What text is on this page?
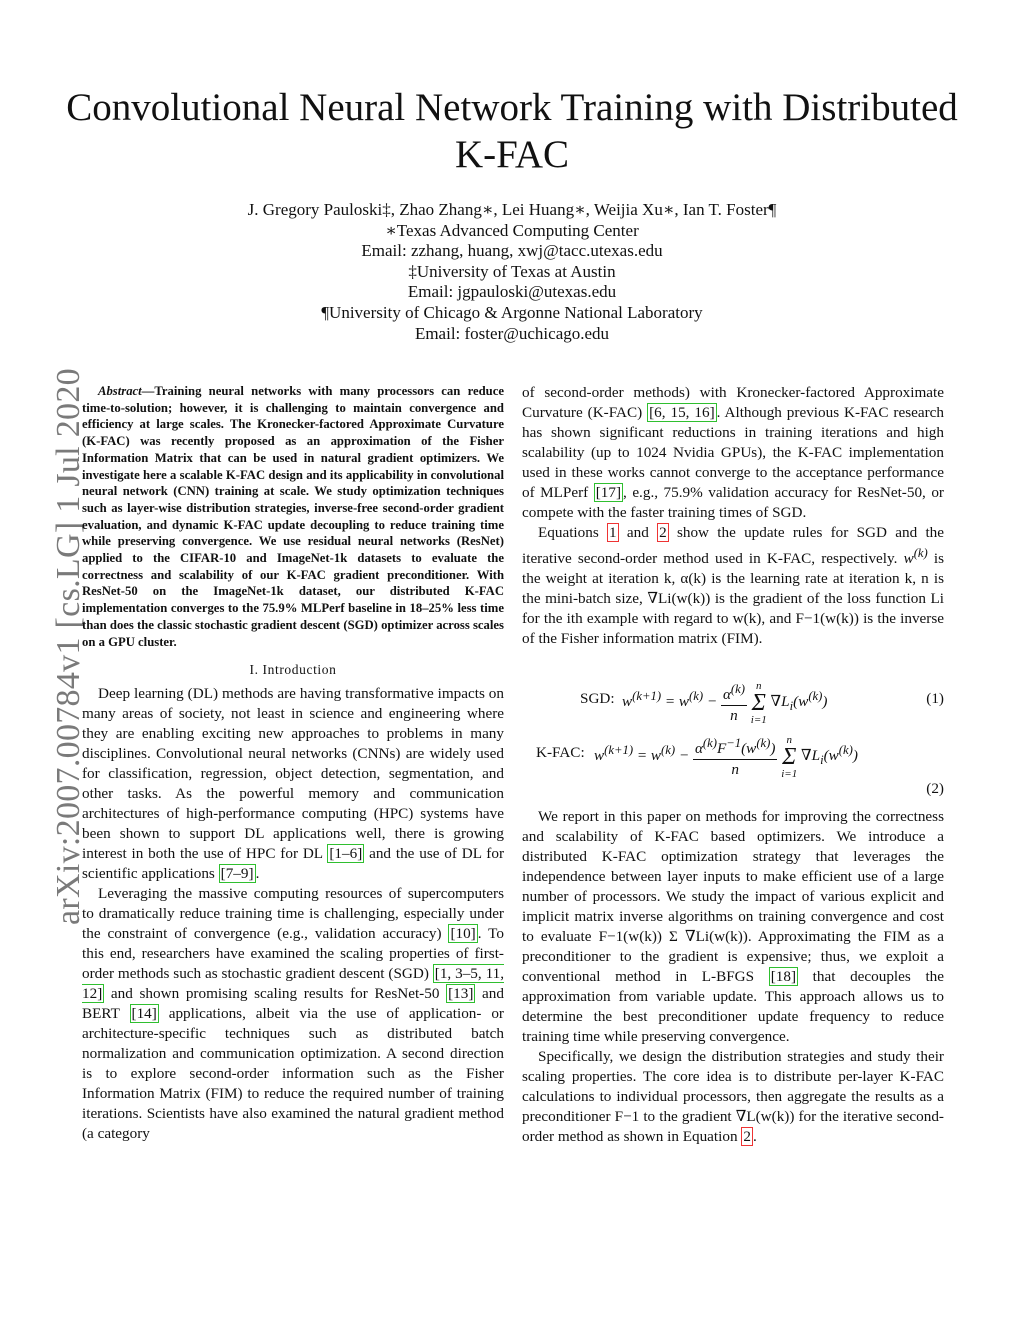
arXiv:2007.00784v1 [cs.LG] 1 Jul 2020
Convolutional Neural Network Training with Distributed K-FAC
J. Gregory Pauloski‡, Zhao Zhang∗, Lei Huang∗, Weijia Xu∗, Ian T. Foster¶
∗Texas Advanced Computing Center
Email: zzhang, huang, xwj@tacc.utexas.edu
‡University of Texas at Austin
Email: jgpauloski@utexas.edu
¶University of Chicago & Argonne National Laboratory
Email: foster@uchicago.edu

Abstract—Training neural networks with many processors can reduce time-to-solution; however, it is challenging to maintain convergence and efficiency at large scales. The Kronecker-factored Approximate Curvature (K-FAC) was recently proposed as an approximation of the Fisher Information Matrix that can be used in natural gradient optimizers. We investigate here a scalable K-FAC design and its applicability in convolutional neural network (CNN) training at scale. We study optimization techniques such as layer-wise distribution strategies, inverse-free second-order gradient evaluation, and dynamic K-FAC update decoupling to reduce training time while preserving convergence. We use residual neural networks (ResNet) applied to the CIFAR-10 and ImageNet-1k datasets to evaluate the correctness and scalability of our K-FAC gradient preconditioner. With ResNet-50 on the ImageNet-1k dataset, our distributed K-FAC implementation converges to the 75.9% MLPerf baseline in 18–25% less time than does the classic stochastic gradient descent (SGD) optimizer across scales on a GPU cluster.

I. Introduction

Deep learning (DL) methods are having transformative impacts on many areas of society, not least in science and engineering where they are enabling exciting new approaches to problems in many disciplines. Convolutional neural networks (CNNs) are widely used for classification, regression, object detection, segmentation, and other tasks. As the powerful memory and communication architectures of high-performance computing (HPC) systems have been shown to support DL applications well, there is growing interest in both the use of HPC for DL [1–6] and the use of DL for scientific applications [7–9] .

Leveraging the massive computing resources of supercomputers to dramatically reduce training time is challenging, especially under the constraint of convergence (e.g., validation accuracy) [10] . To this end, researchers have examined the scaling properties of first-order methods such as stochastic gradient descent (SGD) [1, 3–5, 11, 12] and shown promising scaling results for ResNet-50 [13] and BERT [14] applications, albeit via the use of application- or architecture-specific techniques such as distributed batch normalization and communication optimization. A second direction is to explore second-order information such as the Fisher Information Matrix (FIM) to reduce the required number of training iterations. Scientists have also examined the natural gradient method (a category

of second-order methods) with Kronecker-factored Approximate Curvature (K-FAC) [6, 15, 16] . Although previous K-FAC research has shown significant reductions in training iterations and high scalability (up to 1024 Nvidia GPUs), the K-FAC implementation used in these works cannot converge to the acceptance performance of MLPerf [17] , e.g., 75.9% validation accuracy for ResNet-50, or compete with the faster training times of SGD.

Equations 1 and 2 show the update rules for SGD and the iterative second-order method used in K-FAC, respectively. $w^{(k)}$ is the weight at iteration k, α(k) is the learning rate at iteration k, n is the mini-batch size, ∇Li(w(k)) is the gradient of the loss function Li for the ith example with regard to w(k), and F−1(w(k)) is the inverse of the Fisher information matrix (FIM).

SGD: $w^{(k+1)} = w^{(k)} - \frac{\alpha^{(k)}}{n}$ n
Σ
i=1 $\nabla L_i(w^{(k)})$	(1)
K-FAC: $w^{(k+1)} = w^{(k)} - \frac{\alpha^{(k)}F^{-1}(w^{(k)})}{n}$ n
Σ
i=1 $\nabla L_i(w^{(k)})$
(2)

We report in this paper on methods for improving the correctness and scalability of K-FAC based optimizers. We introduce a distributed K-FAC optimization strategy that leverages the independence between layer inputs to make efficient use of a large number of processors. We study the impact of various explicit and implicit matrix inverse algorithms on training convergence and cost to evaluate F−1(w(k)) Σ ∇Li(w(k)). Approximating the FIM as a preconditioner to the gradient is expensive; thus, we exploit a conventional method in L-BFGS [18] that decouples the approximation from variable update. This approach allows us to determine the best preconditioner update frequency to reduce training time while preserving convergence.

Specifically, we design the distribution strategies and study their scaling properties. The core idea is to distribute per-layer K-FAC calculations to individual processors, then aggregate the results as a preconditioner F−1 to the gradient ∇L(w(k)) for the iterative second-order method as shown in Equation 2 .
